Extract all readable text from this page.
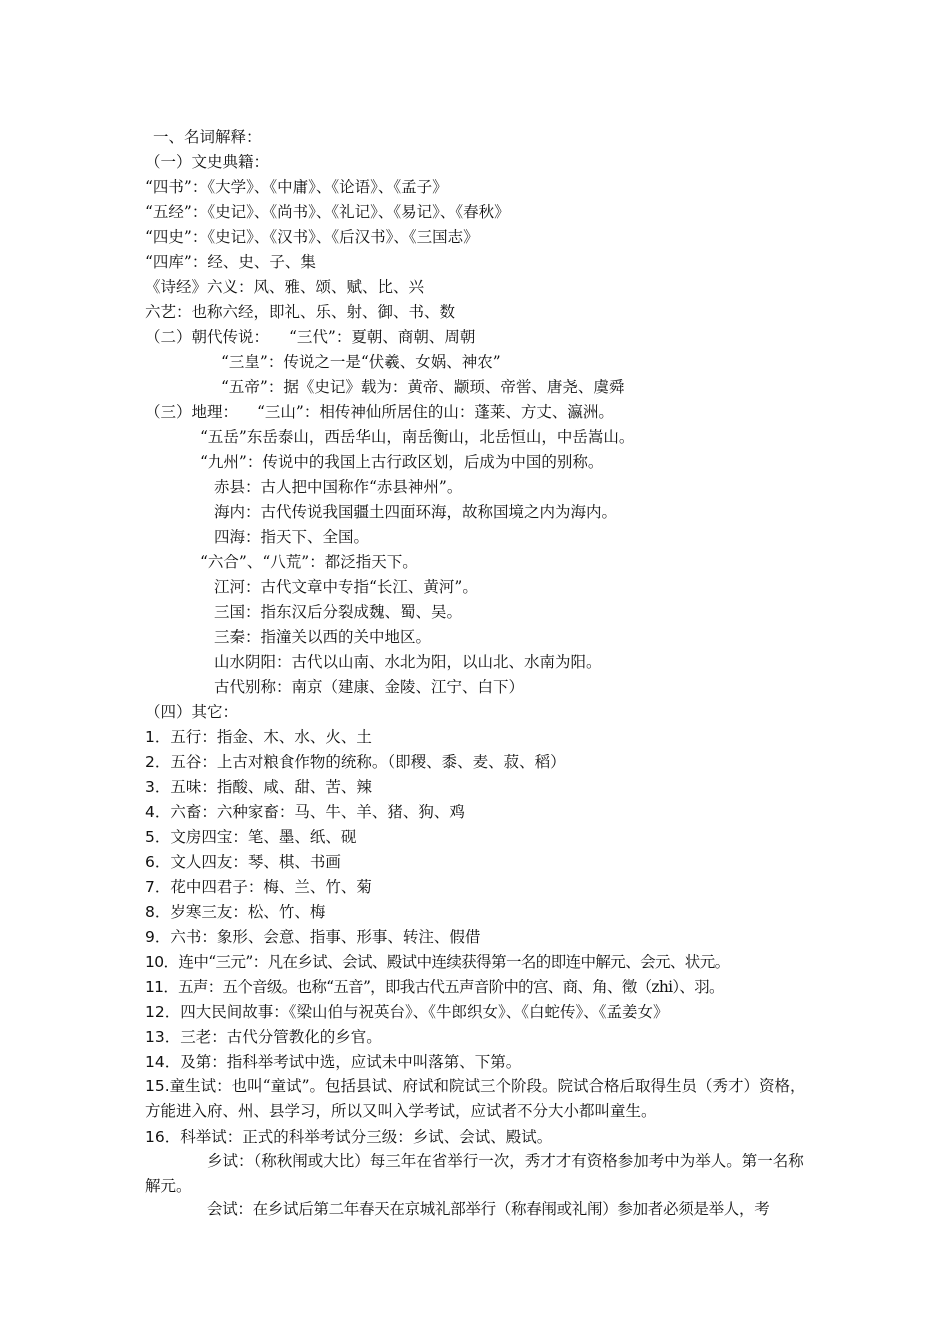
一、名词解释：
（一）文史典籍：
“四书”：《大学》、《中庸》、《论语》、《孟子》
“五经”：《史记》、《尚书》、《礼记》、《易记》、《春秋》
“四史”：《史记》、《汉书》、《后汉书》、《三国志》
“四库”：经、史、子、集
《诗经》六义：风、雅、颂、赋、比、兴
六艺：也称六经，即礼、乐、射、御、书、数
（二）朝代传说： “三代”：夏朝、商朝、周朝
“三皇”：传说之一是“伏羲、女娲、神农”
“五帝”：据《史记》载为：黄帝、颛顼、帝喾、唐尧、虞舜
（三）地理： “三山”：相传神仙所居住的山：蓬莱、方丈、瀛洲。
“五岳”东岳泰山，西岳华山，南岳衡山，北岳恒山，中岳嵩山。
“九州”：传说中的我国上古行政区划，后成为中国的别称。
赤县：古人把中国称作“赤县神州”。
海内：古代传说我国疆土四面环海，故称国境之内为海内。
四海：指天下、全国。
“六合”、“八荒”：都泛指天下。
江河：古代文章中专指“长江、黄河”。
三国：指东汉后分裂成魏、蜀、吴。
三秦：指潼关以西的关中地区。
山水阴阳：古代以山南、水北为阳，以山北、水南为阳。
古代别称：南京（建康、金陵、江宁、白下）
（四）其它：
1．五行：指金、木、水、火、土
2．五谷：上古对粮食作物的统称。（即稷、黍、麦、菽、稻）
3．五味：指酸、咸、甜、苦、辣
4．六畜：六种家畜：马、牛、羊、猪、狗、鸡
5．文房四宝：笔、墨、纸、砚
6．文人四友：琴、棋、书画
7．花中四君子：梅、兰、竹、菊
8．岁寒三友：松、竹、梅
9．六书：象形、会意、指事、形事、转注、假借
10．连中“三元”：凡在乡试、会试、殿试中连续获得第一名的即连中解元、会元、状元。
11．五声：五个音级。也称“五音”，即我古代五声音阶中的宫、商、角、徵（zhi）、羽。
12．四大民间故事：《梁山伯与祝英台》、《牛郎织女》、《白蛇传》、《孟姜女》
13．三老：古代分管教化的乡官。
14．及第：指科举考试中选，应试未中叫落第、下第。
15.童生试：也叫“童试”。包括县试、府试和院试三个阶段。院试合格后取得生员（秀才）资格，方能进入府、州、县学习，所以又叫入学考试，应试者不分大小都叫童生。
16．科举试：正式的科举考试分三级：乡试、会试、殿试。
乡试：（称秋闱或大比）每三年在省举行一次，秀才才有资格参加考中为举人。第一名称解元。
会试：在乡试后第二年春天在京城礼部举行（称春闱或礼闱）参加者必须是举人，考
